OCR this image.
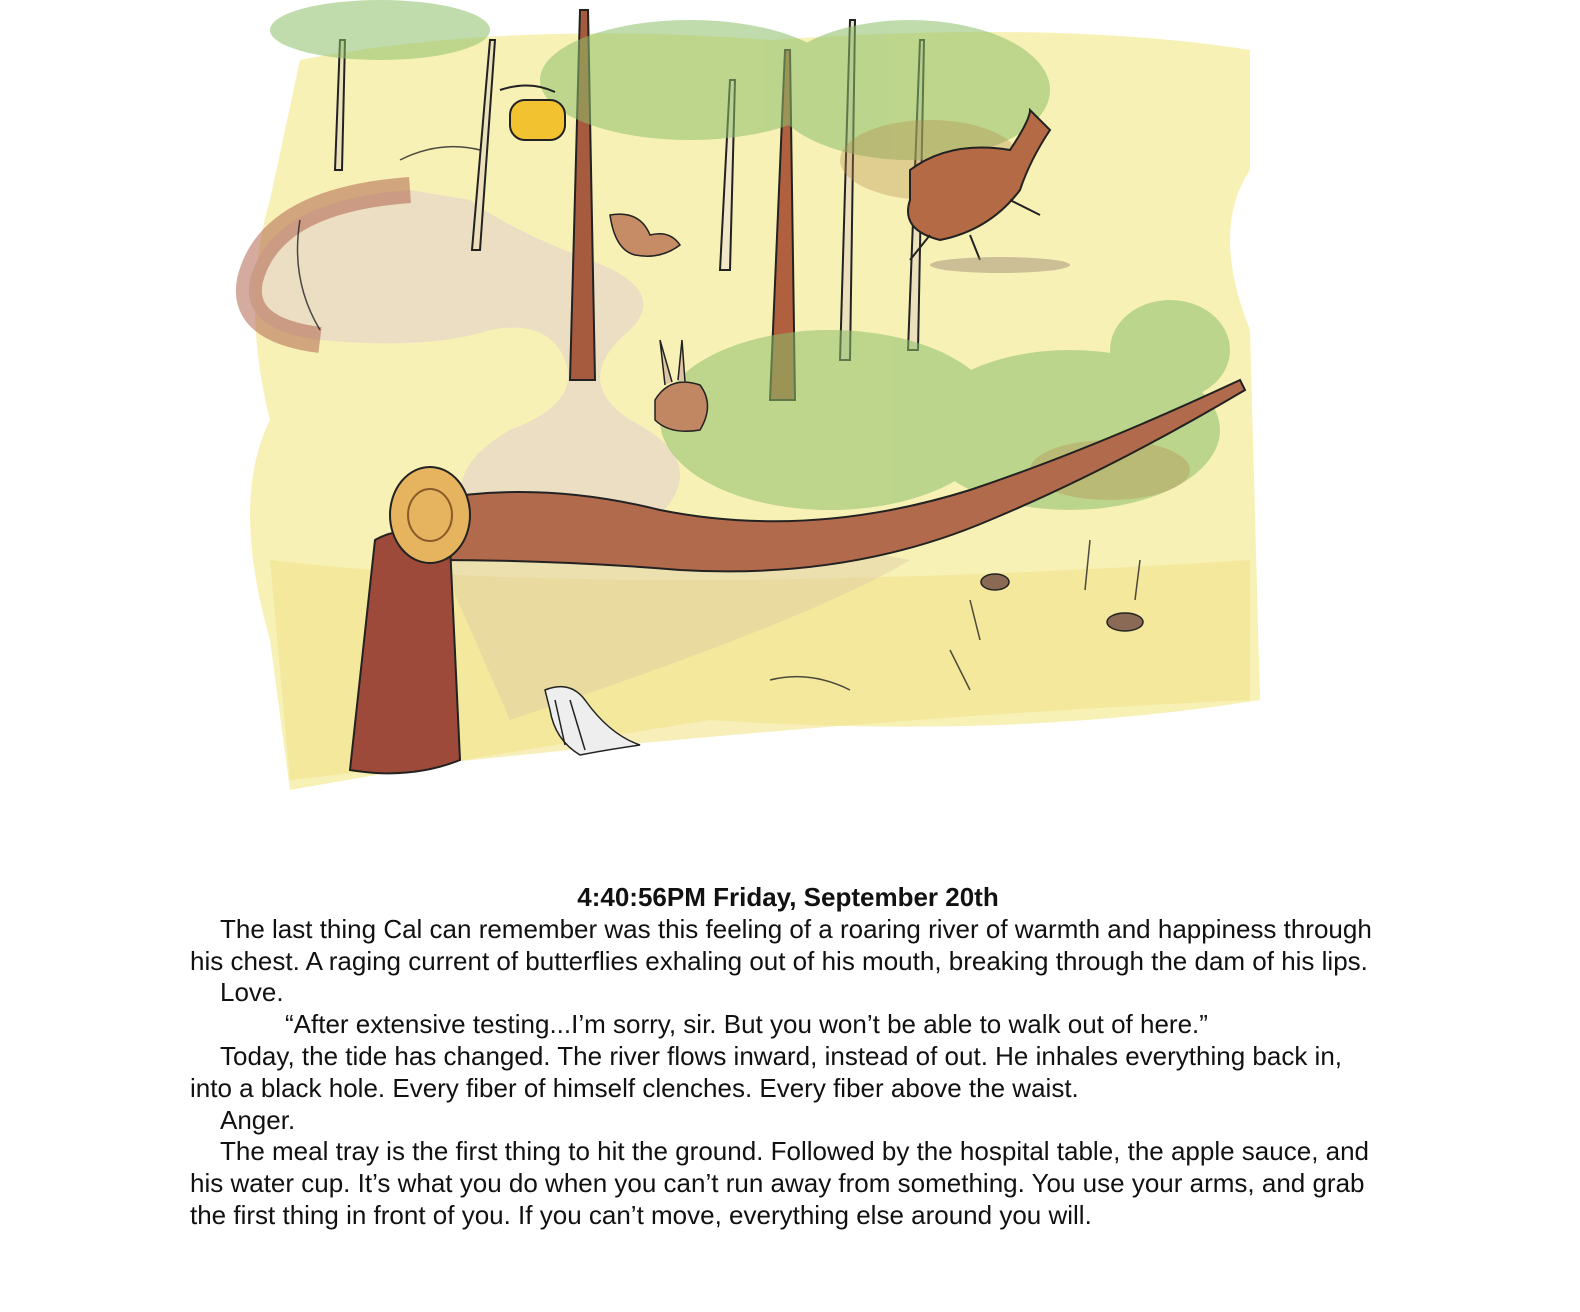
4:40:56PM Friday, September 20th

The last thing Cal can remember was this feeling of a roaring river of warmth and happiness through his chest. A raging current of butterflies exhaling out of his mouth, breaking through the dam of his lips.

Love.

“After extensive testing...I’m sorry, sir. But you won’t be able to walk out of here.”

Today, the tide has changed. The river flows inward, instead of out. He inhales everything back in, into a black hole. Every fiber of himself clenches. Every fiber above the waist.

Anger.

The meal tray is the first thing to hit the ground. Followed by the hospital table, the apple sauce, and his water cup. It’s what you do when you can’t run away from something. You use your arms, and grab the first thing in front of you. If you can’t move, everything else around you will.
